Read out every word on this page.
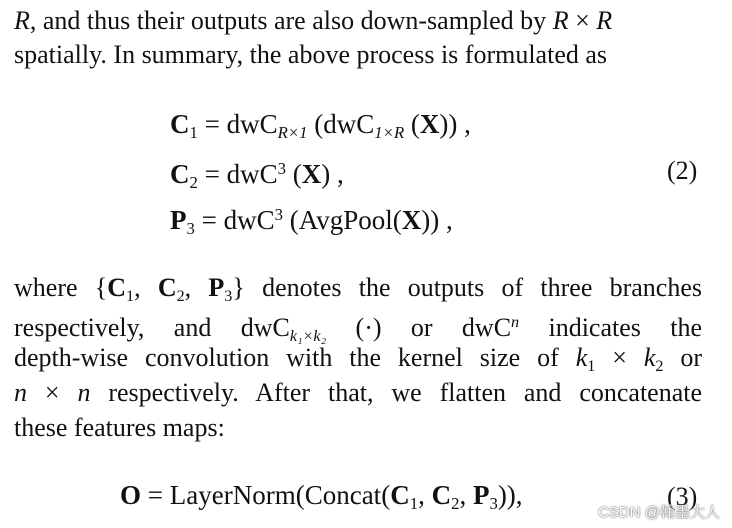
R, and thus their outputs are also down-sampled by R × R
spatially. In summary, the above process is formulated as
$C_1 = dwC_{R\times 1}$ (dwC$_{1\times R}$ (X)) ,
$C_2 = dwC^3$ (X) ,	(2)
$P_3 = dwC^3$ (AvgPool(X)) ,
where {$C_1$, $C_2$, $P_3$} denotes the outputs of three branches
respectively, and dwC$_{k_1\times k_2}$ (·) or dwC$^n$ indicates the
depth-wise convolution with the kernel size of $k_1 \times k_2$ or
n × n respectively. After that, we flatten and concatenate
these features maps:
$O = LayerNorm(Concat(C_1$, $C_2$, $P_3$)),	(3)
CSDN @翰墨大人
